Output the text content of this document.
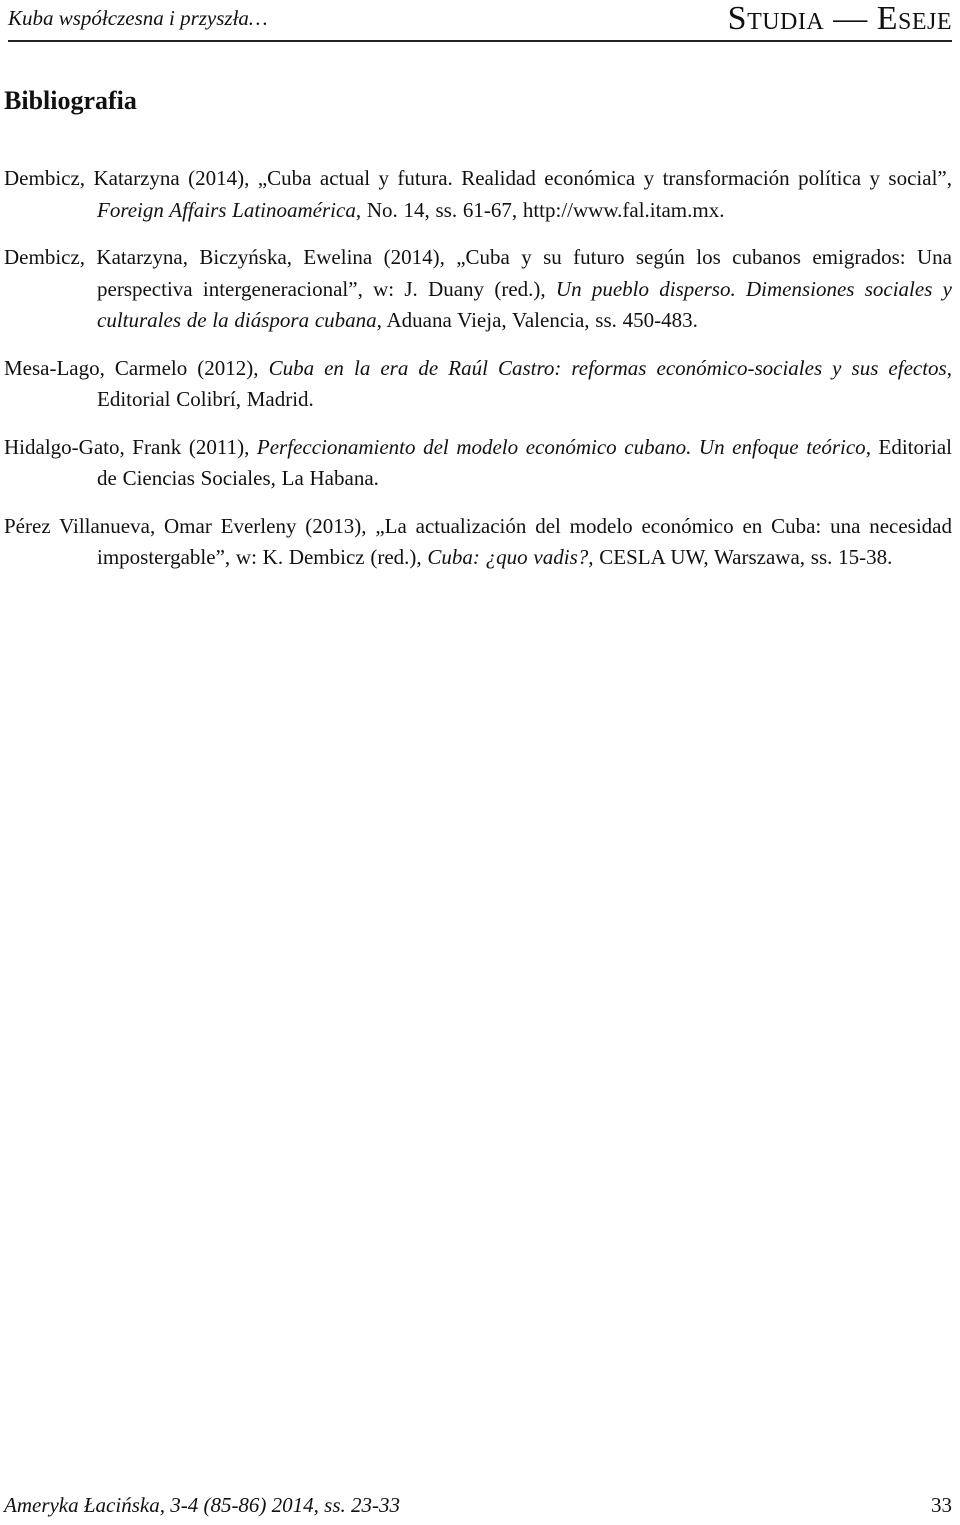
Kuba współczesna i przyszła…	Studia — Eseje
Bibliografia
Dembicz, Katarzyna (2014), „Cuba actual y futura. Realidad económica y transformación política y social”, Foreign Affairs Latinoamérica, No. 14, ss. 61-67, http://www.fal.itam.mx.
Dembicz, Katarzyna, Biczyńska, Ewelina (2014), „Cuba y su futuro según los cubanos emigrados: Una perspectiva intergeneracional”, w: J. Duany (red.), Un pueblo disperso. Dimensiones sociales y culturales de la diáspora cubana, Aduana Vieja, Valencia, ss. 450-483.
Mesa-Lago, Carmelo (2012), Cuba en la era de Raúl Castro: reformas económico-sociales y sus efectos, Editorial Colibrí, Madrid.
Hidalgo-Gato, Frank (2011), Perfeccionamiento del modelo económico cubano. Un enfoque teórico, Editorial de Ciencias Sociales, La Habana.
Pérez Villanueva, Omar Everleny (2013), „La actualización del modelo económico en Cuba: una necesidad impostergable”, w: K. Dembicz (red.), Cuba: ¿quo vadis?, CESLA UW, Warszawa, ss. 15-38.
Ameryka Łacińska, 3-4 (85-86) 2014, ss. 23-33	33
